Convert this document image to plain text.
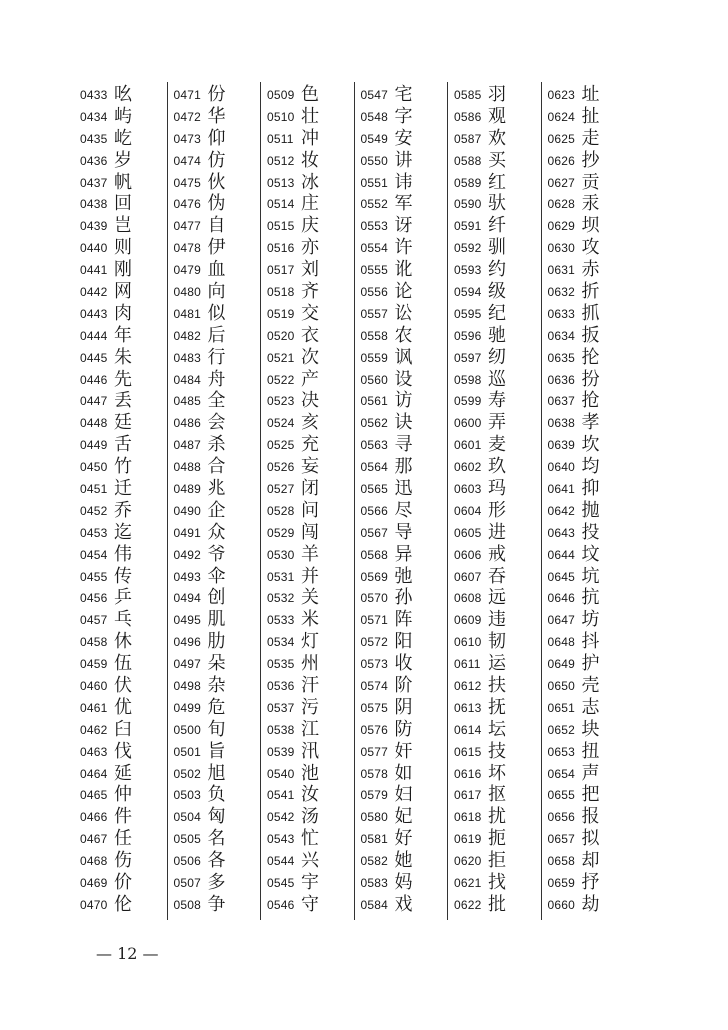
0433 吆
0434 屿
0435 屹
0436 岁
0437 帆
0438 回
0439 岂
0440 则
0441 刚
0442 网
0443 肉
0444 年
0445 朱
0446 先
0447 丢
0448 廷
0449 舌
0450 竹
0451 迁
0452 乔
0453 迄
0454 伟
0455 传
0456 乒
0457 乓
0458 休
0459 伍
0460 伏
0461 优
0462 臼
0463 伐
0464 延
0465 仲
0466 件
0467 任
0468 伤
0469 价
0470 伦
0471 份
0472 华
0473 仰
0474 仿
0475 伙
0476 伪
0477 自
0478 伊
0479 血
0480 向
0481 似
0482 后
0483 行
0484 舟
0485 全
0486 会
0487 杀
0488 合
0489 兆
0490 企
0491 众
0492 爷
0493 伞
0494 创
0495 肌
0496 肋
0497 朵
0498 杂
0499 危
0500 旬
0501 旨
0502 旭
0503 负
0504 匈
0505 名
0506 各
0507 多
0508 争
0509 色
0510 壮
0511 冲
0512 妆
0513 冰
0514 庄
0515 庆
0516 亦
0517 刘
0518 齐
0519 交
0520 衣
0521 次
0522 产
0523 决
0524 亥
0525 充
0526 妄
0527 闭
0528 问
0529 闯
0530 羊
0531 并
0532 关
0533 米
0534 灯
0535 州
0536 汗
0537 污
0538 江
0539 汛
0540 池
0541 汝
0542 汤
0543 忙
0544 兴
0545 宇
0546 守
0547 宅
0548 字
0549 安
0550 讲
0551 讳
0552 军
0553 讶
0554 许
0555 讹
0556 论
0557 讼
0558 农
0559 讽
0560 设
0561 访
0562 诀
0563 寻
0564 那
0565 迅
0566 尽
0567 导
0568 异
0569 弛
0570 孙
0571 阵
0572 阳
0573 收
0574 阶
0575 阴
0576 防
0577 奸
0578 如
0579 妇
0580 妃
0581 好
0582 她
0583 妈
0584 戏
0585 羽
0586 观
0587 欢
0588 买
0589 红
0590 驮
0591 纤
0592 驯
0593 约
0594 级
0595 纪
0596 驰
0597 纫
0598 巡
0599 寿
0600 弄
0601 麦
0602 玖
0603 玛
0604 形
0605 进
0606 戒
0607 吞
0608 远
0609 违
0610 韧
0611 运
0612 扶
0613 抚
0614 坛
0615 技
0616 坏
0617 抠
0618 扰
0619 扼
0620 拒
0621 找
0622 批
0623 址
0624 扯
0625 走
0626 抄
0627 贡
0628 汞
0629 坝
0630 攻
0631 赤
0632 折
0633 抓
0634 扳
0635 抡
0636 扮
0637 抢
0638 孝
0639 坎
0640 均
0641 抑
0642 抛
0643 投
0644 坟
0645 坑
0646 抗
0647 坊
0648 抖
0649 护
0650 壳
0651 志
0652 块
0653 扭
0654 声
0655 把
0656 报
0657 拟
0658 却
0659 抒
0660 劫
— 12 —
